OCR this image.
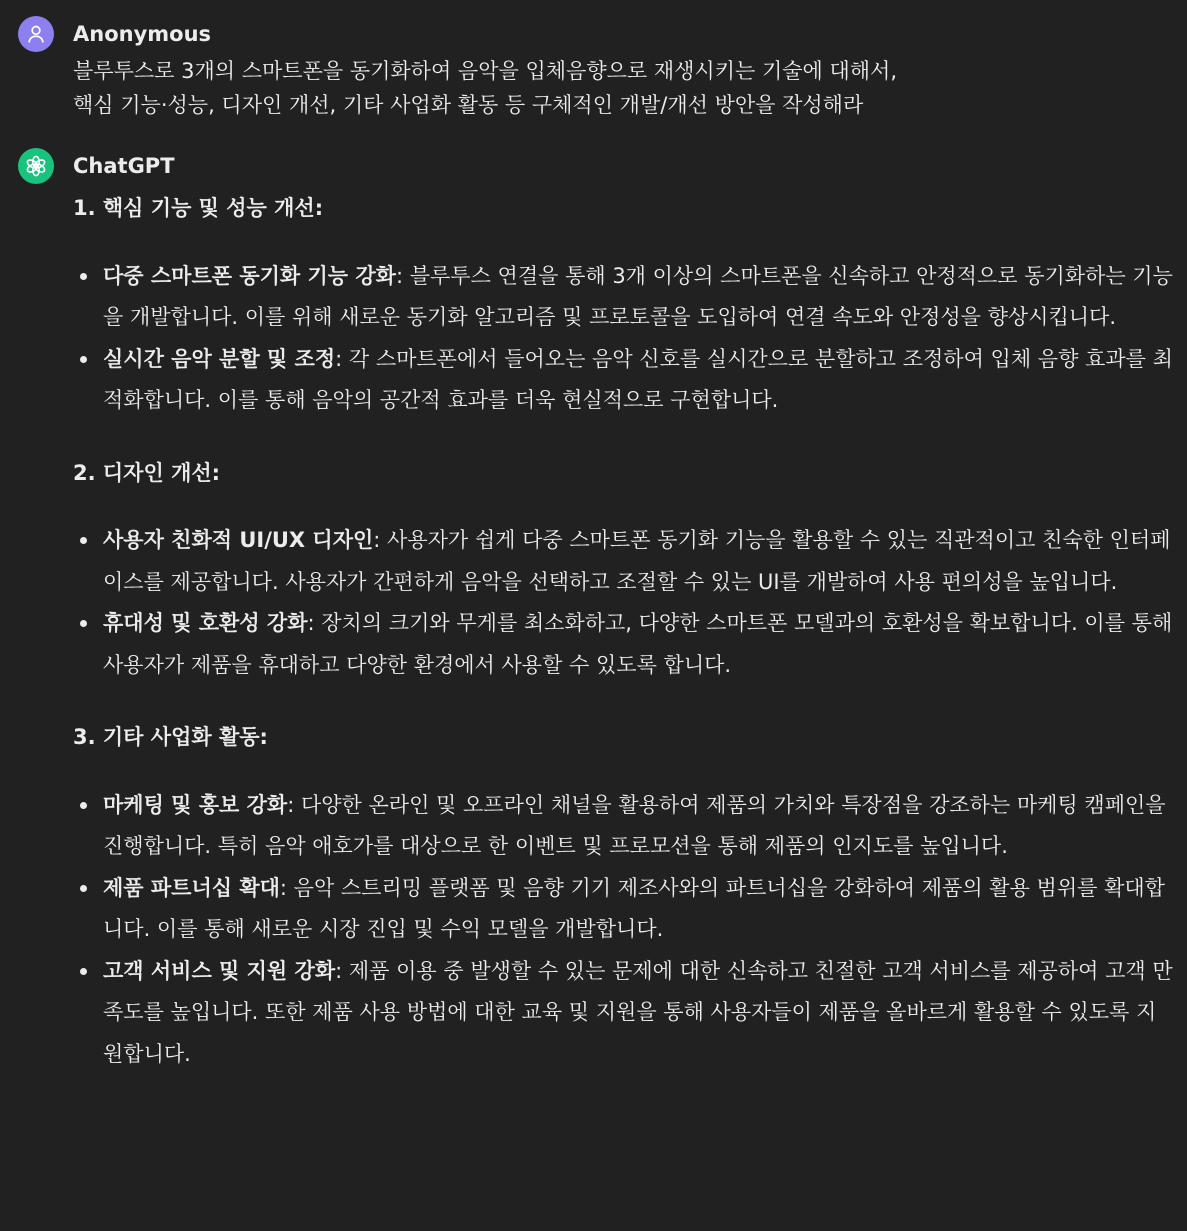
Anonymous

블루투스로 3개의 스마트폰을 동기화하여 음악을 입체음향으로 재생시키는 기술에 대해서,

핵심 기능·성능, 디자인 개선, 기타 사업화 활동 등 구체적인 개발/개선 방안을 작성해라

ChatGPT

1. 핵심 기능 및 성능 개선:

다중 스마트폰 동기화 기능 강화: 블루투스 연결을 통해 3개 이상의 스마트폰을 신속하고 안정적으로 동기화하는 기능을 개발합니다. 이를 위해 새로운 동기화 알고리즘 및 프로토콜을 도입하여 연결 속도와 안정성을 향상시킵니다.
실시간 음악 분할 및 조정: 각 스마트폰에서 들어오는 음악 신호를 실시간으로 분할하고 조정하여 입체 음향 효과를 최적화합니다. 이를 통해 음악의 공간적 효과를 더욱 현실적으로 구현합니다.

2. 디자인 개선:

사용자 친화적 UI/UX 디자인: 사용자가 쉽게 다중 스마트폰 동기화 기능을 활용할 수 있는 직관적이고 친숙한 인터페이스를 제공합니다. 사용자가 간편하게 음악을 선택하고 조절할 수 있는 UI를 개발하여 사용 편의성을 높입니다.
휴대성 및 호환성 강화: 장치의 크기와 무게를 최소화하고, 다양한 스마트폰 모델과의 호환성을 확보합니다. 이를 통해 사용자가 제품을 휴대하고 다양한 환경에서 사용할 수 있도록 합니다.

3. 기타 사업화 활동:

마케팅 및 홍보 강화: 다양한 온라인 및 오프라인 채널을 활용하여 제품의 가치와 특장점을 강조하는 마케팅 캠페인을 진행합니다. 특히 음악 애호가를 대상으로 한 이벤트 및 프로모션을 통해 제품의 인지도를 높입니다.
제품 파트너십 확대: 음악 스트리밍 플랫폼 및 음향 기기 제조사와의 파트너십을 강화하여 제품의 활용 범위를 확대합니다. 이를 통해 새로운 시장 진입 및 수익 모델을 개발합니다.
고객 서비스 및 지원 강화: 제품 이용 중 발생할 수 있는 문제에 대한 신속하고 친절한 고객 서비스를 제공하여 고객 만족도를 높입니다. 또한 제품 사용 방법에 대한 교육 및 지원을 통해 사용자들이 제품을 올바르게 활용할 수 있도록 지원합니다.
